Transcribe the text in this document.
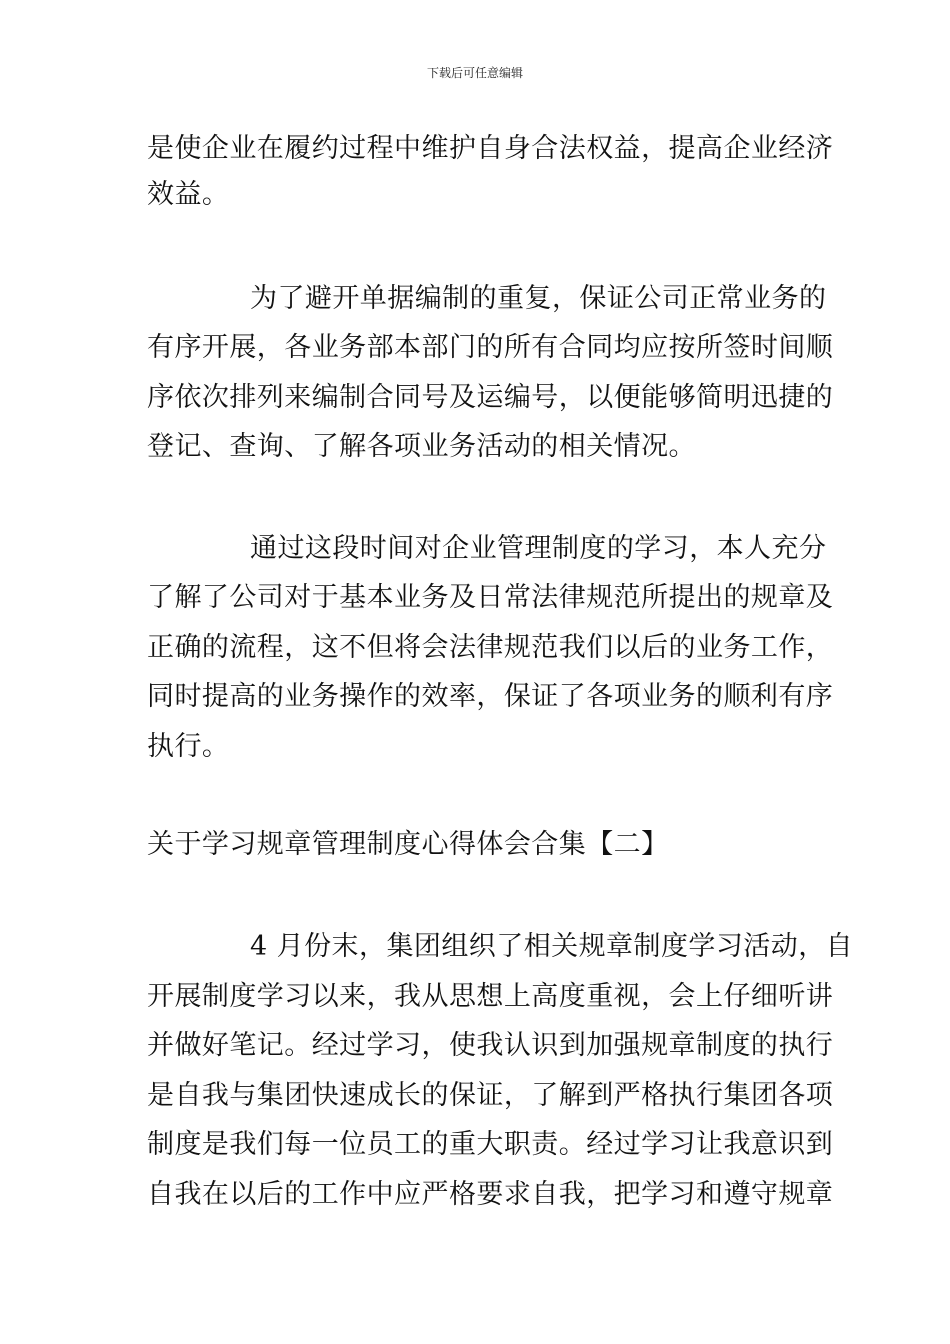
下载后可任意编辑
是使企业在履约过程中维护自身合法权益，提高企业经济
效益。
为了避开单据编制的重复，保证公司正常业务的
有序开展，各业务部本部门的所有合同均应按所签时间顺
序依次排列来编制合同号及运编号，以便能够简明迅捷的
登记、查询、了解各项业务活动的相关情况。
通过这段时间对企业管理制度的学习，本人充分
了解了公司对于基本业务及日常法律规范所提出的规章及
正确的流程，这不但将会法律规范我们以后的业务工作，
同时提高的业务操作的效率，保证了各项业务的顺利有序
执行。
关于学习规章管理制度心得体会合集【二】
4 月份末，集团组织了相关规章制度学习活动，自
开展制度学习以来，我从思想上高度重视，会上仔细听讲
并做好笔记。经过学习，使我认识到加强规章制度的执行
是自我与集团快速成长的保证，了解到严格执行集团各项
制度是我们每一位员工的重大职责。经过学习让我意识到
自我在以后的工作中应严格要求自我，把学习和遵守规章
